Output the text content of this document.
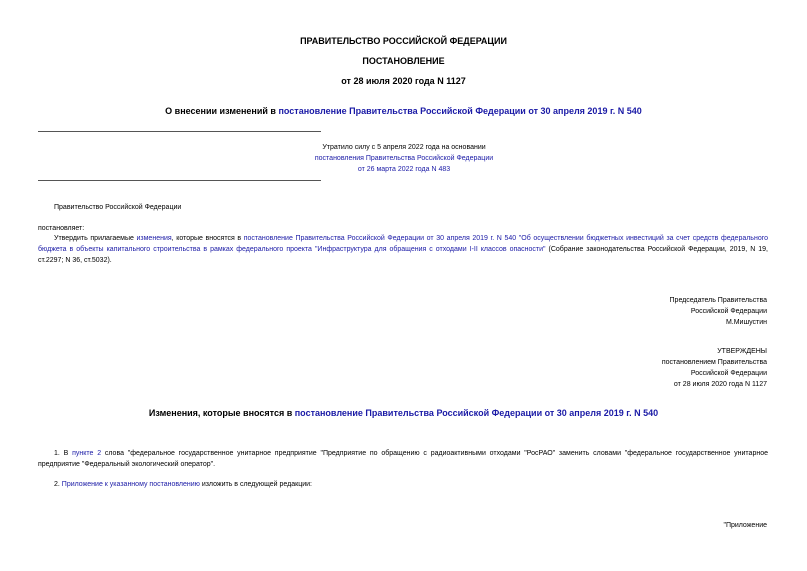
ПРАВИТЕЛЬСТВО РОССИЙСКОЙ ФЕДЕРАЦИИ
ПОСТАНОВЛЕНИЕ
от 28 июля 2020 года N 1127
О внесении изменений в постановление Правительства Российской Федерации от 30 апреля 2019 г. N 540
Утратило силу с 5 апреля 2022 года на основании
постановления Правительства Российской Федерации
от 26 марта 2022 года N 483
Правительство Российской Федерации
постановляет:
Утвердить прилагаемые изменения, которые вносятся в постановление Правительства Российской Федерации от 30 апреля 2019 г. N 540 "Об осуществлении бюджетных инвестиций за счет средств федерального бюджета в объекты капитального строительства в рамках федерального проекта "Инфраструктура для обращения с отходами I-II классов опасности" (Собрание законодательства Российской Федерации, 2019, N 19, ст.2297; N 36, ст.5032).
Председатель Правительства
Российской Федерации
М.Мишустин
УТВЕРЖДЕНЫ
постановлением Правительства
Российской Федерации
от 28 июля 2020 года N 1127
Изменения, которые вносятся в постановление Правительства Российской Федерации от 30 апреля 2019 г. N 540
1. В пункте 2 слова "федеральное государственное унитарное предприятие "Предприятие по обращению с радиоактивными отходами "РосРАО" заменить словами "федеральное государственное унитарное предприятие "Федеральный экологический оператор".
2. Приложение к указанному постановлению изложить в следующей редакции:
"Приложение
